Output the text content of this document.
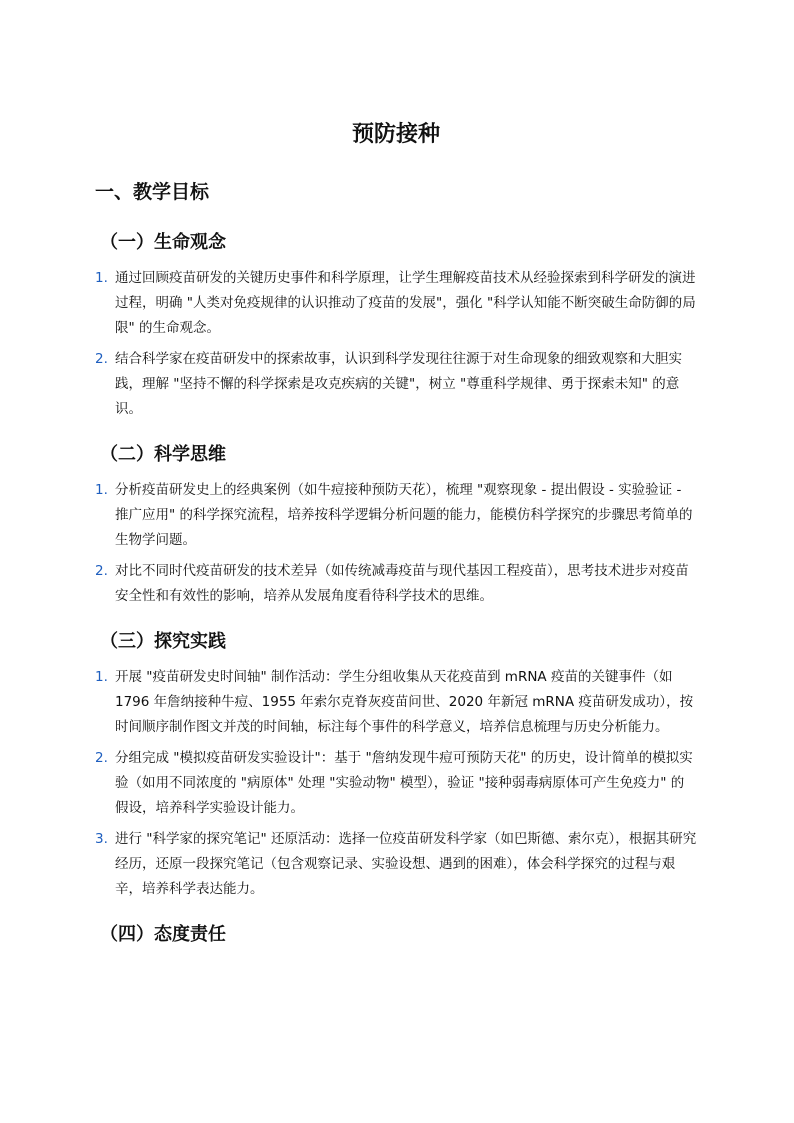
预防接种
一、教学目标
（一）生命观念
1. 通过回顾疫苗研发的关键历史事件和科学原理，让学生理解疫苗技术从经验探索到科学研发的演进过程，明确 "人类对免疫规律的认识推动了疫苗的发展"，强化 "科学认知能不断突破生命防御的局限" 的生命观念。
2. 结合科学家在疫苗研发中的探索故事，认识到科学发现往往源于对生命现象的细致观察和大胆实践，理解 "坚持不懈的科学探索是攻克疾病的关键"，树立 "尊重科学规律、勇于探索未知" 的意识。
（二）科学思维
1. 分析疫苗研发史上的经典案例（如牛痘接种预防天花），梳理 "观察现象 - 提出假设 - 实验验证 - 推广应用" 的科学探究流程，培养按科学逻辑分析问题的能力，能模仿科学探究的步骤思考简单的生物学问题。
2. 对比不同时代疫苗研发的技术差异（如传统减毒疫苗与现代基因工程疫苗），思考技术进步对疫苗安全性和有效性的影响，培养从发展角度看待科学技术的思维。
（三）探究实践
1. 开展 "疫苗研发史时间轴" 制作活动：学生分组收集从天花疫苗到 mRNA 疫苗的关键事件（如 1796 年詹纳接种牛痘、1955 年索尔克脊灰疫苗问世、2020 年新冠 mRNA 疫苗研发成功），按时间顺序制作图文并茂的时间轴，标注每个事件的科学意义，培养信息梳理与历史分析能力。
2. 分组完成 "模拟疫苗研发实验设计"：基于 "詹纳发现牛痘可预防天花" 的历史，设计简单的模拟实验（如用不同浓度的 "病原体" 处理 "实验动物" 模型），验证 "接种弱毒病原体可产生免疫力" 的假设，培养科学实验设计能力。
3. 进行 "科学家的探究笔记" 还原活动：选择一位疫苗研发科学家（如巴斯德、索尔克），根据其研究经历，还原一段探究笔记（包含观察记录、实验设想、遇到的困难），体会科学探究的过程与艰辛，培养科学表达能力。
（四）态度责任
